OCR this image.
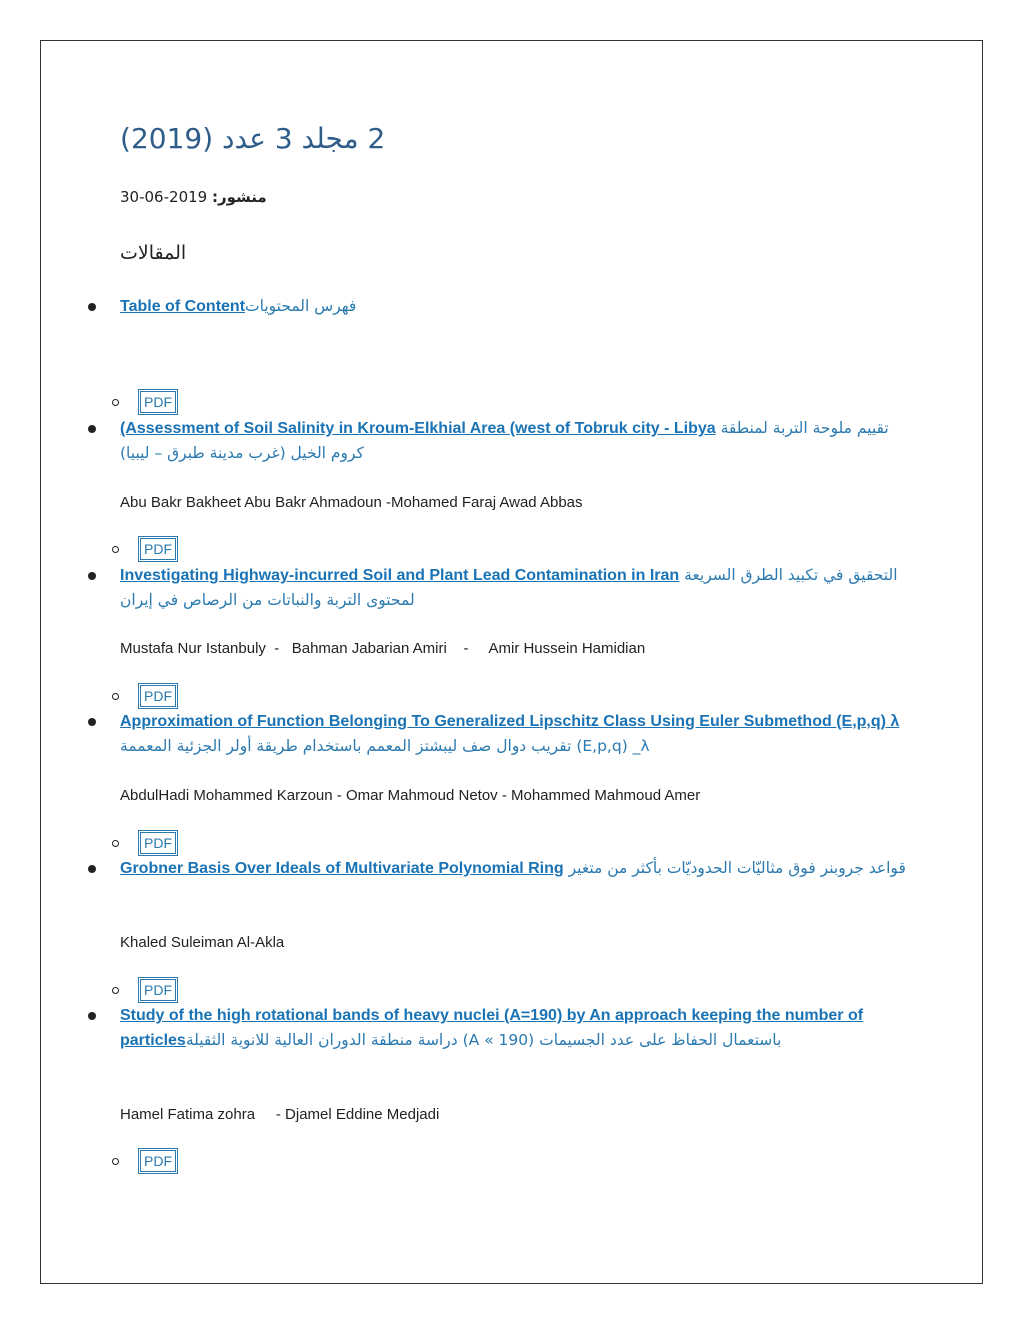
2 مجلد 3 عدد (2019)
منشور: 2019-06-30
المقالات
Table of Contentفهرس المحتويات
PDF
(Assessment of Soil Salinity in Kroum-Elkhial Area (west of Tobruk city - Libya تقييم ملوحة التربة لمنطقة كروم الخيل (غرب مدينة طبرق – ليبيا)
Abu Bakr Bakheet Abu Bakr Ahmadoun -Mohamed Faraj Awad Abbas
PDF
Investigating Highway-incurred Soil and Plant Lead Contamination in Iran التحقيق في تكبيد الطرق السريعة لمحتوى التربة والنباتات من الرصاص في إيران
Mustafa Nur Istanbuly  -   Bahman Jabarian Amiri    -     Amir Hussein Hamidian
PDF
Approximation of Function Belonging To Generalized Lipschitz Class Using Euler Submethod (E,p,q) λ تقريب دوال صف ليبشتز المعمم باستخدام طريقة أولر الجزئية المعممة (E,p,q) _λ
AbdulHadi Mohammed Karzoun - Omar Mahmoud Netov - Mohammed Mahmoud Amer
PDF
Grobner Basis Over Ideals of Multivariate Polynomial Ring قواعد جروبنر فوق مثاليّات الحدوديّات بأكثر من متغير
Khaled Suleiman Al-Akla
PDF
Study of the high rotational bands of heavy nuclei (A=190) by An approach keeping the number of particlesدراسة منطقة الدوران العالية للانوية الثقيلة (A « 190) باستعمال الحفاظ على عدد الجسيمات
Hamel Fatima zohra     - Djamel Eddine Medjadi
PDF
